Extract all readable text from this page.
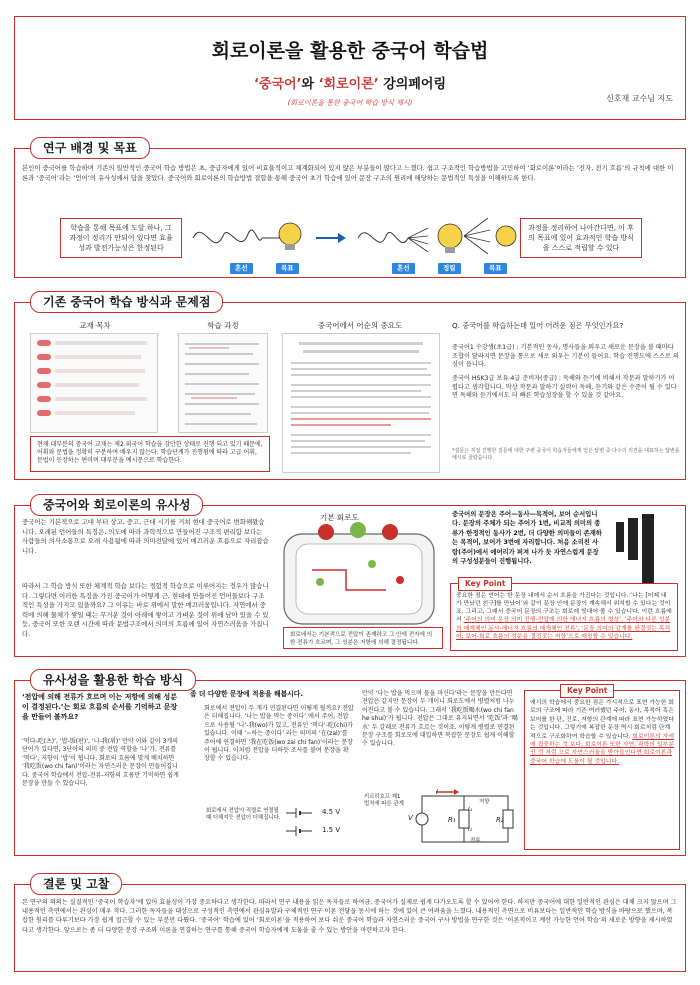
회로이론을 활용한 중국어 학습법
‘중국어’와 ‘회로이론’ 강의페어링
(회로이론을 통한 중국어 학습 방식 제시)	신호재 교수님 지도
연구 배경 및 목표
본인이 중국어를 학습하며 기존의 일반적인 중국어 학습 방법은 초, 중급자에게 있어 비효율적이고 체계화되어 있지 않은 부분들이 많다고 느꼈다. 쉽고 구조적인 학습방법을 고민하여 ‘회로이론’이라는 ‘전자, 전기 흐름’의 규칙에 대한 이론과 ‘중국어’라는 ‘언어’의 유사성에서 답을 찾았다. 중국어와 회로이론의 학습방법 결합을 통해 중국어 초기 학습에 있어 문장 구조의 원리에 해당하는 문법적인 특성을 이해하도록 한다.
학습을 통해 목표에 도달 하나, 그 과정이 정리가 안되어 있다면 효율성과 발전가능성은 한정된다
과정을 정리하여 나아간다면, 이 후의 목표에 있어 효과적인 학습 방식을 스스로 적립할 수 있다
혼선	목표	혼선	정립	목표
기존 중국어 학습 방식과 문제점
교재 목차	학습 과정	중국어에서 어순의 중요도	Q. 중국어를 학습하는데 있어 어려운 점은 무엇인가요?

중국어1 수강생(초1급) : 기본적인 동사, 명사들을 외우고 새로운 문장을 볼 때마다 조합이 달라지면 문장을 통으로 새로 외우는 기분이 들어요. 학습 진행도에 스스로 의심이 듭니다.

중국어 HSK3급 보유 4급 준비자(중급) : 독해와 듣기에 비해서 작문과 말하기가 어렵다고 생각합니다. 막상 작문과 말하기 실력이 독해, 듣기와 같은 수준이 될 수 있다면 독해와 듣기에서도 더 빠른 학습성장을 할 수 있을 것 같아요.

*설문은 직접 진행한 질문에 대한 주변 중국어 학습자들에게 얻은 답변 중 다수의 의견을 대표하는 답변을 예시로 골랐습니다.
현재 대부분의 중국어 교재는 제2 외국어 학습을 감안한 상태로 진행 되고 있기 때문에, 어휘와 문법을 정확히 구분하여 배우지 않는다. 학습단계가 진행됨에 따라 고급 어휘, 문법이 등장하는 편이며 대부분을 예시문으로 학습한다.
중국어와 회로이론의 유사성
중국어는 기본적으로 고대 부터 상고, 중고, 근대 시기를 거쳐 현대 중국어로 변화해왔습니다. 오래된 언어들의 특징은, 의도에 따라 과학적으로 만들어진 구조적 편리함 보다는 사람들의 의사소통으로 오래 사용됨에 따라 의미전달에 있어 매끄러운 흐름으로 자리잡습니다.
따라서 그 학습 방식 또한 체계적 학습 보다는 경험적 학습으로 이루어지는 경우가 많습니다. 그렇다면 이러한 특징을 가진 중국어가 어떻게 근, 현대에 만들어진 언어들보다 구조적인 특성을 가지고 있을까요? 그 이유는 바로 위에서 말한 매끄러움입니다. 자연에서 중력에 의해 물체가 쌓일 때는 무거운 것이 아래에 쌓이고 가벼운 것이 위에 남아 있을 수 있듯, 중국어 또한 오랜 시간에 따라 문법구조에서 의미의 흐름에 있어 자연스러움을 가집니다.
기본 회로도
회로에서는 기본적으로 전압이 존재하고 그 안에 전자에 의한 전류가 흐르며, 그 성분은 저항에 의해 결정됩니다.
중국어의 문장은 주어—동사—목적어, 보어 순서입니다. 문장의 주체가 되는 주어가 1번, 비교적 의미의 종류가 한정적인 동사가 2번, 더 다양한 의미들이 존재하는 목적어, 보어가 3번에 자리합니다. 처음 소리친 사람(주어)에서 에어리가 퍼져 나가 듯 자연스럽게 문장의 구성성분들이 진행됩니다.
Key Point
중요한 점은 언어는 한 문장 내에서 순서 흐름을 가진다는 것입니다. ‘나는 [어제 내가 만났던 친구]를 만났어’와 같이 문장 안에 문장이 계속해서 위치할 수 있다는 것이죠. 그리고, 그래서 중국어 문장의 구조는 회로에 빗대어 볼 수 있습니다. 이런 흐름에서 ‘주어의 의미 문장 의미 진행-전압에 의한 에너지 흐름의 형성’, ‘주어와 다른 성분의 매개체인 동사-에너지 흐름의 매개체인 전류’, ‘문장 의미의 감계를 완결짓는 목적어, 보어-회로 흐름의 성분을 결정짓는 저항’으로 매칭할 수 있습니다.
유사성을 활용한 학습 방식
‘전압에 의해 전류가 흐르며 이는 저항에 의해 성분이 결정된다.’는 회로 흐름의 순서를 기억하고 문장을 만들어 볼까요?
‘먹다-吃(츠)’, ‘밥-饭(판)’, ‘나-我(워)’ 만약 이와 같이 3개의 단어가 있다면, 3단어의 의미 중 전압 역할을 ‘나’가, 전류를 ‘먹다’, 저항이 ‘밥’이 됩니다. 회로의 흐름에 맞게 배치하면 ‘我吃饭(wo chi fan)’이라는 자연스러운 문장이 만들어집니다. 중국어 학습에서 전압-전류-저항의 흐름만 기억하면 쉽게 문장을 만들 수 있습니다.
좀 더 다양한 문장에 적용을 해봅시다.
회로에서 전압이 두 개가 연결된다면 어떻게 될까요? 전압은 더해집니다. ‘나는 밥을 먹는 중이다’ 에서 주어, 전압으로 사용될 ‘나’-我(wo)가 있고, 전류인 ‘먹다’-吃(chi)가 있습니다. 이때 ‘~하는 중이다’ 라는 의미의 ‘在(zai)’를 주어에 연결하면 ‘我在吃饭(wo zai chi fan)’이라는 문장이 됩니다. 이처럼 전압을 더하듯 조사를 붙여 문장을 확장할 수 있습니다.
회로에서 전압이 직렬로 연결될 때 더해지듯 전압이 더해집니다.
4.5 V
1.5 V
만약 ‘나는 밥을 먹으며 물을 마신다’라는 문장을 만든다면 전압은 같지만 문장이 두 개이니 회로도에서 병렬처럼 나누어진다고 볼 수 있습니다. 그래서 ‘我吃饭喝水(wo chi fan he shui)’가 됩니다. 전압은 그대로 유지되면서 ‘吃饭’과 ‘喝水’ 두 갈래로 전류가 흐르는 것이죠. 이렇게 병렬로 연결된 문장 구조를 회로도에 대입하면 복잡한 문장도 쉽게 이해할 수 있습니다.
키르히호프 제1 법칙에 따른 관계
I
V	R₁	R₂
I₁
I₂
전류
저항
Key Point
예시의 학습에서 중요한 점은 가시적으로 표현 가능한 회로의 구조에 따라 기존 여러했던 주어, 동사, 목적어 혹은 보어를 한 단, 진로, 저항의 관계에 따라 표현 가능하였다는 것입니다. 그렇기에 복잡한 문장 역시 회로처럼 단계적으로 구조화하여 학습할 수 있습니다. 회로이론의 자세에 집중하는 것 보다, 회로이론 또한 자연, 과학의 일부분인 것 처럼 으로 자연스러움을 받아들인다면 회로이론과 중국어 학습에 도움이 될 것입니다.
결론 및 고찰
본 연구의 의의는 실질적인 ‘중국어 학습자’에 있어 효율성이 가장 중요하다고 생각한다. 따라서 연구 내용을 읽은 독자들로 하여금, 중국어가 실제로 쉽게 다가오도록 할 수 있어야 한다. 하지만 중국어에 대한 일반적인 관심은 대체 크지 않으며 그 내용적인 측면에서는 관심이 매우 작다. 그러한 독자들을 대상으로 구성적인 측면에서 관심유발과 구체적인 연구 이론 전달을 동시에 하는 것에 있어 큰 어려움을 느꼈다. 내용적인 측면으로 비유보다는 일반적인 학습 방식을 바탕으로 했으며, 복잡한 원리를 다루기보다 가장 쉽게 접근할 수 있는 부분만 다뤘다. ‘중국어’ 학습에 있어 ‘회로이론’을 적용하여 보다 쉬운 중국어 학습과 자연스러운 중국어 구사 방법을 연구한 것은 ‘이론적이고 계산 가능한 언어 학습’의 새로운 방향을 제시하였다고 생각한다. 앞으로는 좀 더 다양한 문장 구조와 이론을 연결하는 연구를 통해 중국어 학습자에게 도움을 줄 수 있는 방안을 마련하고자 한다.
